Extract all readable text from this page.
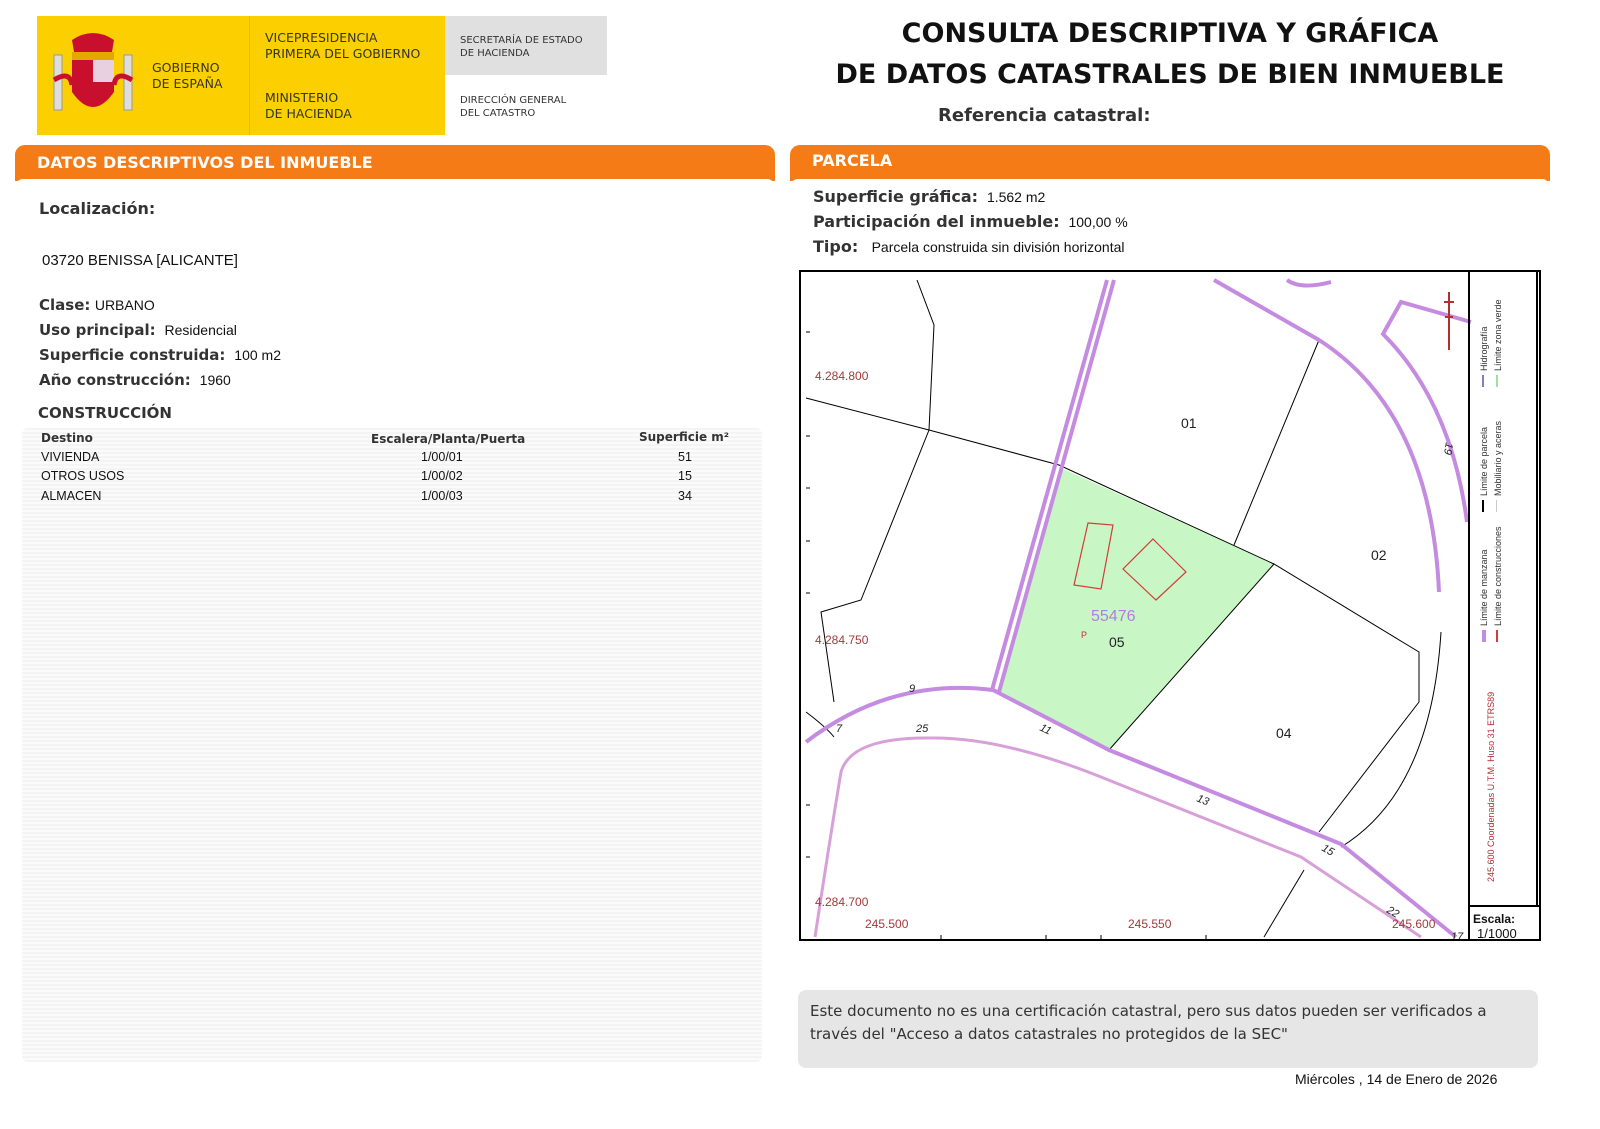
GOBIERNO
DE ESPAÑA
VICEPRESIDENCIA
PRIMERA DEL GOBIERNO
MINISTERIO
DE HACIENDA
SECRETARÍA DE ESTADO
DE HACIENDA
DIRECCIÓN GENERAL
DEL CATASTRO
CONSULTA DESCRIPTIVA Y GRÁFICA
DE DATOS CATASTRALES DE BIEN INMUEBLE
Referencia catastral:
DATOS DESCRIPTIVOS DEL INMUEBLE	PARCELA
Localización:
03720 BENISSA [ALICANTE]
Clase: URBANO
Uso principal: Residencial
Superficie construida: 100 m2
Año construcción: 1960
CONSTRUCCIÓN
Destino	Escalera/Planta/Puerta	Superficie m²
VIVIENDA	1/00/01	51
OTROS USOS	1/00/02	15
ALMACEN	1/00/03	34
Superficie gráfica: 1.562 m2
Participación del inmueble: 100,00 %
Tipo: Parcela construida sin división horizontal
01
02
04
05
55476
P
9
7	25	11
13
15
22
19
17
4.284.800
4.284.750
4.284.700
245.500	245.550	245.600
Límite de manzana
Límite de parcela
Hidrografía
Límite de construcciones
Mobiliario y aceras
Límite zona verde
245.600 Coordenadas U.T.M. Huso 31 ETRS89
Escala:
1/1000
Este documento no es una certificación catastral, pero sus datos pueden ser verificados a través del "Acceso a datos catastrales no protegidos de la SEC"
Miércoles , 14 de Enero de 2026
